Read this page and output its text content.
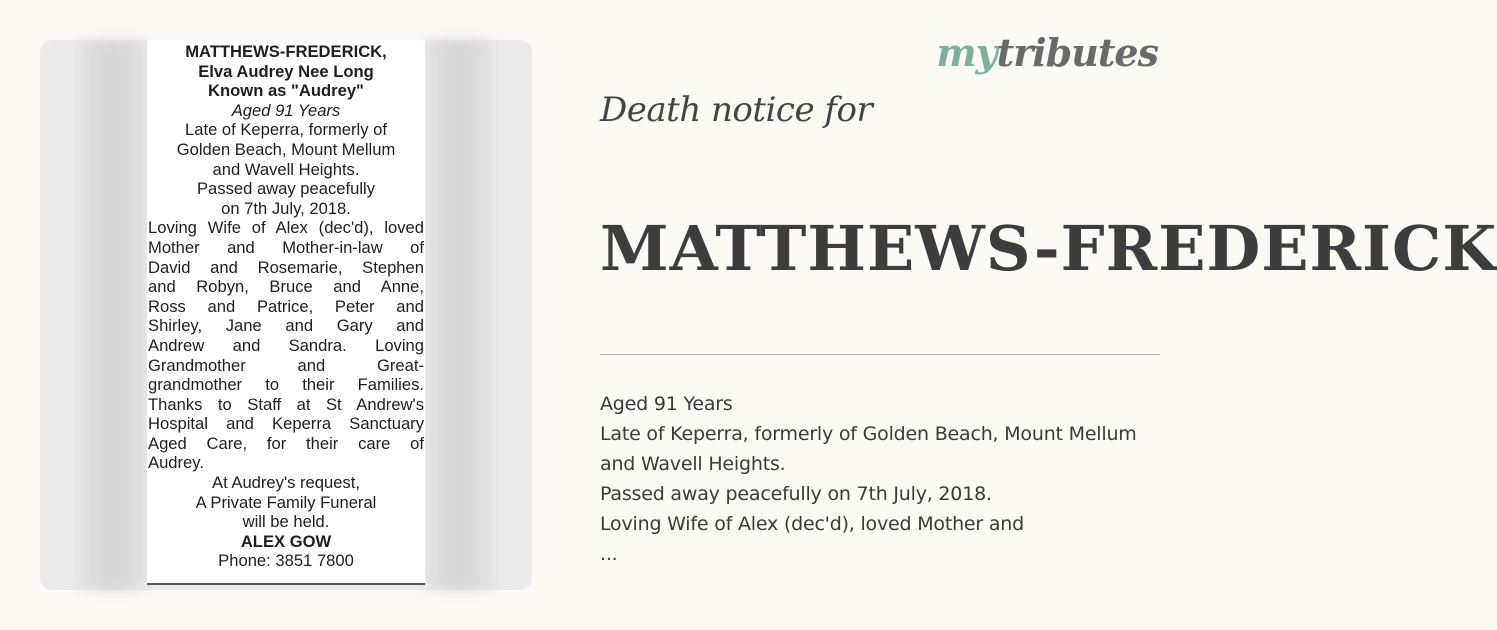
MATTHEWS-FREDERICK,
Elva Audrey Nee Long
Known as "Audrey"
Aged 91 Years
Late of Keperra, formerly of
Golden Beach, Mount Mellum
and Wavell Heights.
Passed away peacefully
on 7th July, 2018.
Loving Wife of Alex (dec'd), loved
Mother and Mother-in-law of
David and Rosemarie, Stephen
and Robyn, Bruce and Anne,
Ross and Patrice, Peter and
Shirley, Jane and Gary and
Andrew and Sandra. Loving
Grandmother and Great-
grandmother to their Families.
Thanks to Staff at St Andrew's
Hospital and Keperra Sanctuary
Aged Care, for their care of
Audrey.
At Audrey's request,
A Private Family Funeral
will be held.
ALEX GOW
Phone: 3851 7800
mytributes
Death notice for
MATTHEWS-FREDERICK
Aged 91 Years
Late of Keperra, formerly of Golden Beach, Mount Mellum
and Wavell Heights.
Passed away peacefully on 7th July, 2018.
Loving Wife of Alex (dec'd), loved Mother and
...
